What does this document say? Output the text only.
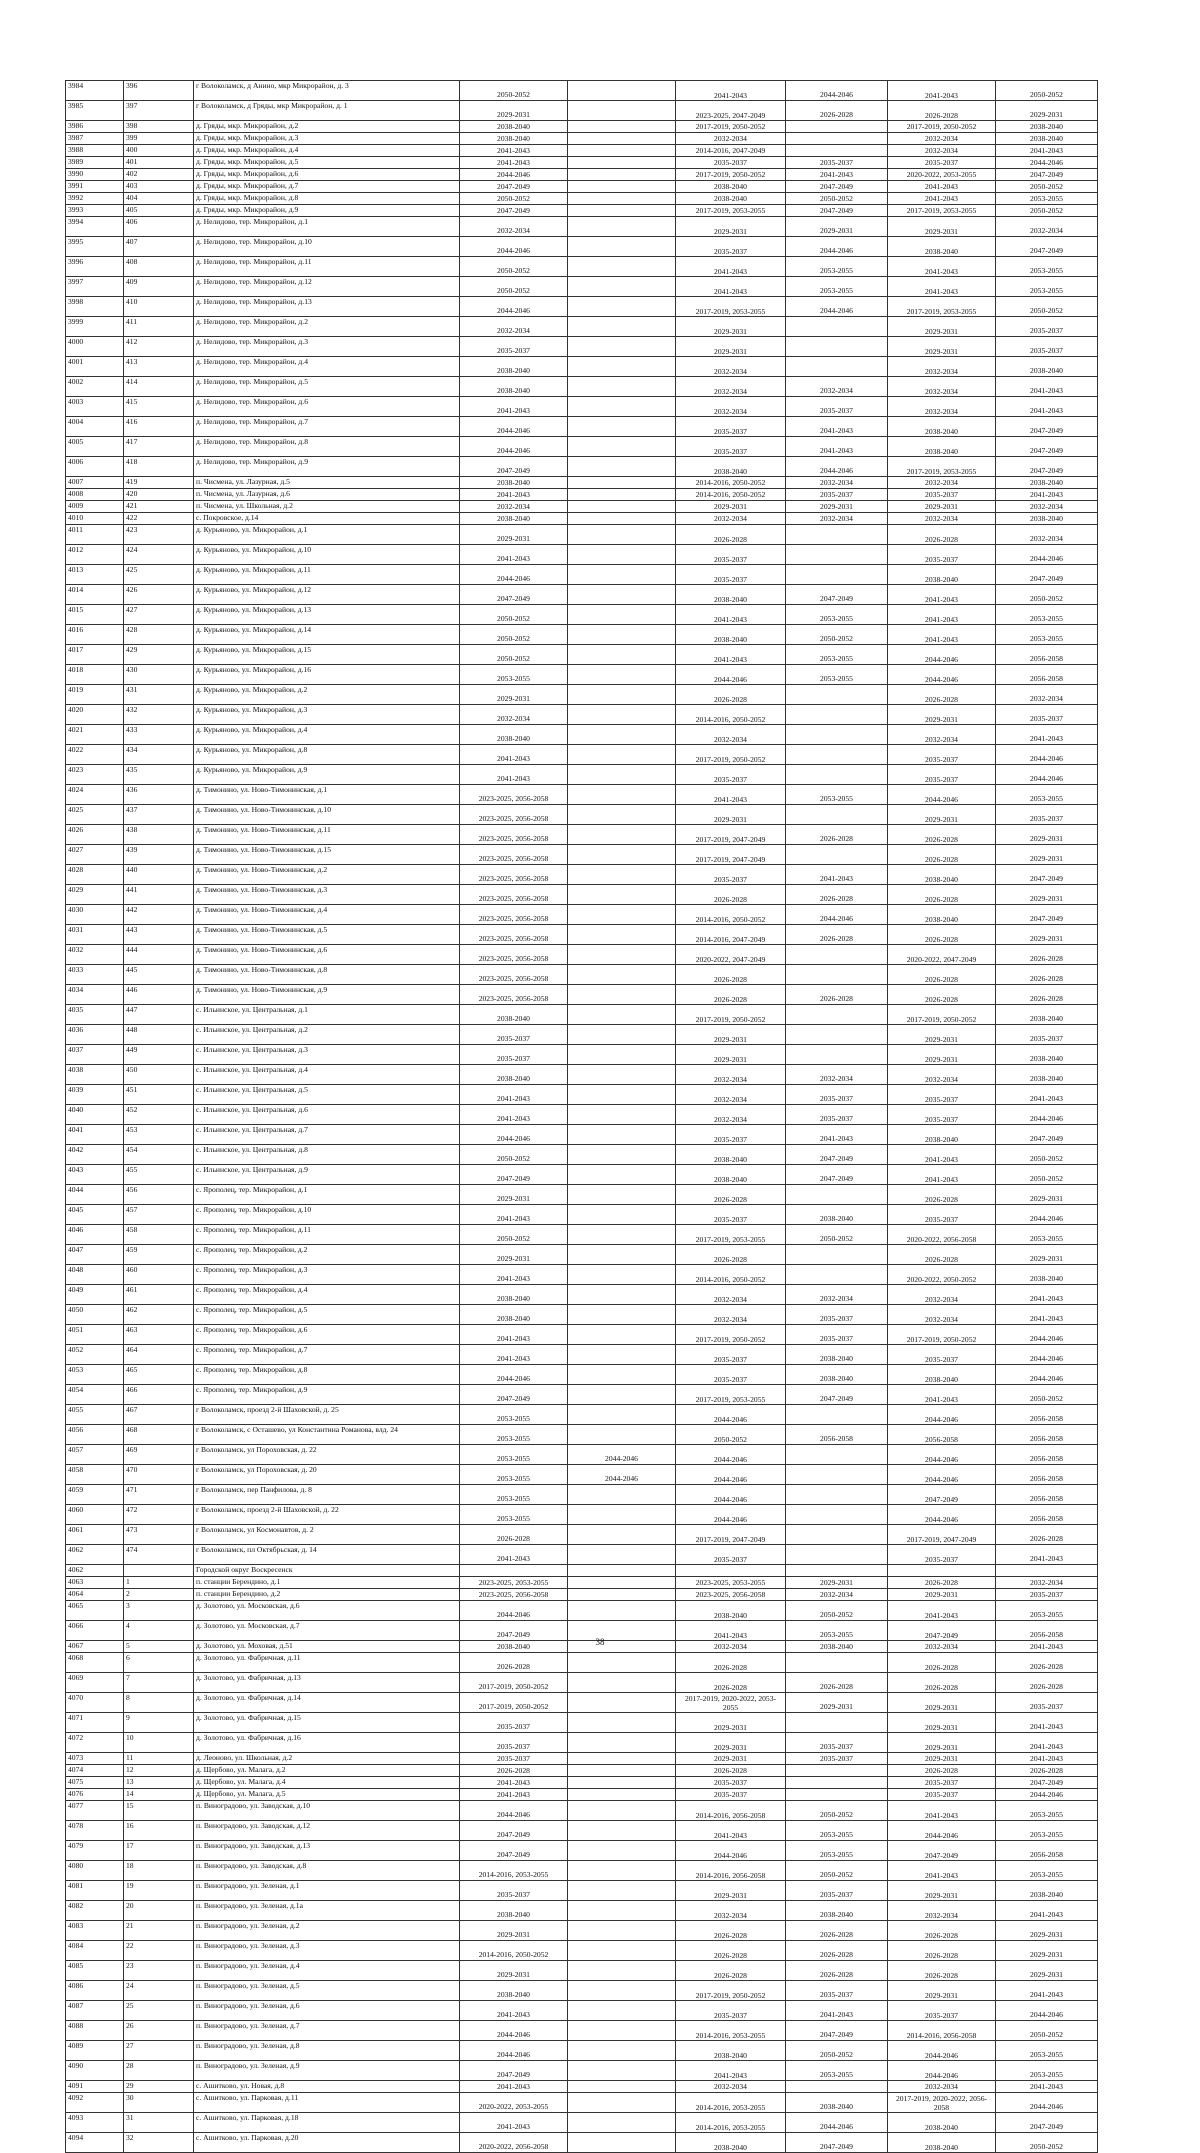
3984	396	г Волоколамск, д Анино, мкр Микрорайон, д. 3	2050-2052		2041-2043	2044-2046	2041-2043	2050-2052
3985	397	г Волоколамск, д Гряды, мкр Микрорайон, д. 1	2029-2031		2023-2025, 2047-2049	2026-2028	2026-2028	2029-2031
3986	398	д. Гряды, мкр. Микрорайон, д.2	2038-2040		2017-2019, 2050-2052		2017-2019, 2050-2052	2038-2040
3987	399	д. Гряды, мкр. Микрорайон, д.3	2038-2040		2032-2034		2032-2034	2038-2040
3988	400	д. Гряды, мкр. Микрорайон, д.4	2041-2043		2014-2016, 2047-2049		2032-2034	2041-2043
3989	401	д. Гряды, мкр. Микрорайон, д.5	2041-2043		2035-2037	2035-2037	2035-2037	2044-2046
3990	402	д. Гряды, мкр. Микрорайон, д.6	2044-2046		2017-2019, 2050-2052	2041-2043	2020-2022, 2053-2055	2047-2049
3991	403	д. Гряды, мкр. Микрорайон, д.7	2047-2049		2038-2040	2047-2049	2041-2043	2050-2052
3992	404	д. Гряды, мкр. Микрорайон, д.8	2050-2052		2038-2040	2050-2052	2041-2043	2053-2055
3993	405	д. Гряды, мкр. Микрорайон, д.9	2047-2049		2017-2019, 2053-2055	2047-2049	2017-2019, 2053-2055	2050-2052
3994	406	д. Нелидово, тер. Микрорайон, д.1	2032-2034		2029-2031	2029-2031	2029-2031	2032-2034
3995	407	д. Нелидово, тер. Микрорайон, д.10	2044-2046		2035-2037	2044-2046	2038-2040	2047-2049
3996	408	д. Нелидово, тер. Микрорайон, д.11	2050-2052		2041-2043	2053-2055	2041-2043	2053-2055
3997	409	д. Нелидово, тер. Микрорайон, д.12	2050-2052		2041-2043	2053-2055	2041-2043	2053-2055
3998	410	д. Нелидово, тер. Микрорайон, д.13	2044-2046		2017-2019, 2053-2055	2044-2046	2017-2019, 2053-2055	2050-2052
3999	411	д. Нелидово, тер. Микрорайон, д.2	2032-2034		2029-2031		2029-2031	2035-2037
4000	412	д. Нелидово, тер. Микрорайон, д.3	2035-2037		2029-2031		2029-2031	2035-2037
4001	413	д. Нелидово, тер. Микрорайон, д.4	2038-2040		2032-2034		2032-2034	2038-2040
4002	414	д. Нелидово, тер. Микрорайон, д.5	2038-2040		2032-2034	2032-2034	2032-2034	2041-2043
4003	415	д. Нелидово, тер. Микрорайон, д.6	2041-2043		2032-2034	2035-2037	2032-2034	2041-2043
4004	416	д. Нелидово, тер. Микрорайон, д.7	2044-2046		2035-2037	2041-2043	2038-2040	2047-2049
4005	417	д. Нелидово, тер. Микрорайон, д.8	2044-2046		2035-2037	2041-2043	2038-2040	2047-2049
4006	418	д. Нелидово, тер. Микрорайон, д.9	2047-2049		2038-2040	2044-2046	2017-2019, 2053-2055	2047-2049
4007	419	п. Чисмена, ул. Лазурная, д.5	2038-2040		2014-2016, 2050-2052	2032-2034	2032-2034	2038-2040
4008	420	п. Чисмена, ул. Лазурная, д.6	2041-2043		2014-2016, 2050-2052	2035-2037	2035-2037	2041-2043
4009	421	п. Чисмена, ул. Школьная, д.2	2032-2034		2029-2031	2029-2031	2029-2031	2032-2034
4010	422	с. Покровское, д.14	2038-2040		2032-2034	2032-2034	2032-2034	2038-2040
4011	423	д. Курьяново, ул. Микрорайон, д.1	2029-2031		2026-2028		2026-2028	2032-2034
4012	424	д. Курьяново, ул. Микрорайон, д.10	2041-2043		2035-2037		2035-2037	2044-2046
4013	425	д. Курьяново, ул. Микрорайон, д.11	2044-2046		2035-2037		2038-2040	2047-2049
4014	426	д. Курьяново, ул. Микрорайон, д.12	2047-2049		2038-2040	2047-2049	2041-2043	2050-2052
4015	427	д. Курьяново, ул. Микрорайон, д.13	2050-2052		2041-2043	2053-2055	2041-2043	2053-2055
4016	428	д. Курьяново, ул. Микрорайон, д.14	2050-2052		2038-2040	2050-2052	2041-2043	2053-2055
4017	429	д. Курьяново, ул. Микрорайон, д.15	2050-2052		2041-2043	2053-2055	2044-2046	2056-2058
4018	430	д. Курьяново, ул. Микрорайон, д.16	2053-2055		2044-2046	2053-2055	2044-2046	2056-2058
4019	431	д. Курьяново, ул. Микрорайон, д.2	2029-2031		2026-2028		2026-2028	2032-2034
4020	432	д. Курьяново, ул. Микрорайон, д.3	2032-2034		2014-2016, 2050-2052		2029-2031	2035-2037
4021	433	д. Курьяново, ул. Микрорайон, д.4	2038-2040		2032-2034		2032-2034	2041-2043
4022	434	д. Курьяново, ул. Микрорайон, д.8	2041-2043		2017-2019, 2050-2052		2035-2037	2044-2046
4023	435	д. Курьяново, ул. Микрорайон, д.9	2041-2043		2035-2037		2035-2037	2044-2046
4024	436	д. Тимонино, ул. Ново-Тимонинская, д.1	2023-2025, 2056-2058		2041-2043	2053-2055	2044-2046	2053-2055
4025	437	д. Тимонино, ул. Ново-Тимонинская, д.10	2023-2025, 2056-2058		2029-2031		2029-2031	2035-2037
4026	438	д. Тимонино, ул. Ново-Тимонинская, д.11	2023-2025, 2056-2058		2017-2019, 2047-2049	2026-2028	2026-2028	2029-2031
4027	439	д. Тимонино, ул. Ново-Тимонинская, д.15	2023-2025, 2056-2058		2017-2019, 2047-2049		2026-2028	2029-2031
4028	440	д. Тимонино, ул. Ново-Тимонинская, д.2	2023-2025, 2056-2058		2035-2037	2041-2043	2038-2040	2047-2049
4029	441	д. Тимонино, ул. Ново-Тимонинская, д.3	2023-2025, 2056-2058		2026-2028	2026-2028	2026-2028	2029-2031
4030	442	д. Тимонино, ул. Ново-Тимонинская, д.4	2023-2025, 2056-2058		2014-2016, 2050-2052	2044-2046	2038-2040	2047-2049
4031	443	д. Тимонино, ул. Ново-Тимонинская, д.5	2023-2025, 2056-2058		2014-2016, 2047-2049	2026-2028	2026-2028	2029-2031
4032	444	д. Тимонино, ул. Ново-Тимонинская, д.6	2023-2025, 2056-2058		2020-2022, 2047-2049		2020-2022, 2047-2049	2026-2028
4033	445	д. Тимонино, ул. Ново-Тимонинская, д.8	2023-2025, 2056-2058		2026-2028		2026-2028	2026-2028
4034	446	д. Тимонино, ул. Ново-Тимонинская, д.9	2023-2025, 2056-2058		2026-2028	2026-2028	2026-2028	2026-2028
4035	447	с. Ильинское, ул. Центральная, д.1	2038-2040		2017-2019, 2050-2052		2017-2019, 2050-2052	2038-2040
4036	448	с. Ильинское, ул. Центральная, д.2	2035-2037		2029-2031		2029-2031	2035-2037
4037	449	с. Ильинское, ул. Центральная, д.3	2035-2037		2029-2031		2029-2031	2038-2040
4038	450	с. Ильинское, ул. Центральная, д.4	2038-2040		2032-2034	2032-2034	2032-2034	2038-2040
4039	451	с. Ильинское, ул. Центральная, д.5	2041-2043		2032-2034	2035-2037	2035-2037	2041-2043
4040	452	с. Ильинское, ул. Центральная, д.6	2041-2043		2032-2034	2035-2037	2035-2037	2044-2046
4041	453	с. Ильинское, ул. Центральная, д.7	2044-2046		2035-2037	2041-2043	2038-2040	2047-2049
4042	454	с. Ильинское, ул. Центральная, д.8	2050-2052		2038-2040	2047-2049	2041-2043	2050-2052
4043	455	с. Ильинское, ул. Центральная, д.9	2047-2049		2038-2040	2047-2049	2041-2043	2050-2052
4044	456	с. Ярополец, тер. Микрорайон, д.1	2029-2031		2026-2028		2026-2028	2029-2031
4045	457	с. Ярополец, тер. Микрорайон, д.10	2041-2043		2035-2037	2038-2040	2035-2037	2044-2046
4046	458	с. Ярополец, тер. Микрорайон, д.11	2050-2052		2017-2019, 2053-2055	2050-2052	2020-2022, 2056-2058	2053-2055
4047	459	с. Ярополец, тер. Микрорайон, д.2	2029-2031		2026-2028		2026-2028	2029-2031
4048	460	с. Ярополец, тер. Микрорайон, д.3	2041-2043		2014-2016, 2050-2052		2020-2022, 2050-2052	2038-2040
4049	461	с. Ярополец, тер. Микрорайон, д.4	2038-2040		2032-2034	2032-2034	2032-2034	2041-2043
4050	462	с. Ярополец, тер. Микрорайон, д.5	2038-2040		2032-2034	2035-2037	2032-2034	2041-2043
4051	463	с. Ярополец, тер. Микрорайон, д.6	2041-2043		2017-2019, 2050-2052	2035-2037	2017-2019, 2050-2052	2044-2046
4052	464	с. Ярополец, тер. Микрорайон, д.7	2041-2043		2035-2037	2038-2040	2035-2037	2044-2046
4053	465	с. Ярополец, тер. Микрорайон, д.8	2044-2046		2035-2037	2038-2040	2038-2040	2044-2046
4054	466	с. Ярополец, тер. Микрорайон, д.9	2047-2049		2017-2019, 2053-2055	2047-2049	2041-2043	2050-2052
4055	467	г Волоколамск, проезд 2-й Шаховской, д. 25	2053-2055		2044-2046		2044-2046	2056-2058
4056	468	г Волоколамск, с Осташево, ул Константина Романова, влд. 24	2053-2055		2050-2052	2056-2058	2056-2058	2056-2058
4057	469	г Волоколамск, ул Пороховская, д. 22	2053-2055	2044-2046	2044-2046		2044-2046	2056-2058
4058	470	г Волоколамск, ул Пороховская, д. 20	2053-2055	2044-2046	2044-2046		2044-2046	2056-2058
4059	471	г Волоколамск, пер Панфилова, д. 8	2053-2055		2044-2046		2047-2049	2056-2058
4060	472	г Волоколамск, проезд 2-й Шаховской, д. 22	2053-2055		2044-2046		2044-2046	2056-2058
4061	473	г Волоколамск, ул Космонавтов, д. 2	2026-2028		2017-2019, 2047-2049		2017-2019, 2047-2049	2026-2028
4062	474	г Волоколамск, пл Октябрьская, д. 14	2041-2043		2035-2037		2035-2037	2041-2043
4062		Городской округ Воскресенск						
4063	1	п. станции Берендино, д.1	2023-2025, 2053-2055		2023-2025, 2053-2055	2029-2031	2026-2028	2032-2034
4064	2	п. станции Берендино, д.2	2023-2025, 2056-2058		2023-2025, 2056-2058	2032-2034	2029-2031	2035-2037
4065	3	д. Золотово, ул. Московская, д.6	2044-2046		2038-2040	2050-2052	2041-2043	2053-2055
4066	4	д. Золотово, ул. Московская, д.7	2047-2049		2041-2043	2053-2055	2047-2049	2056-2058
4067	5	д. Золотово, ул. Моховая, д.51	2038-2040		2032-2034	2038-2040	2032-2034	2041-2043
4068	6	д. Золотово, ул. Фабричная, д.11	2026-2028		2026-2028		2026-2028	2026-2028
4069	7	д. Золотово, ул. Фабричная, д.13	2017-2019, 2050-2052		2026-2028	2026-2028	2026-2028	2026-2028
4070	8	д. Золотово, ул. Фабричная, д.14	2017-2019, 2050-2052		2017-2019, 2020-2022, 2053-2055	2029-2031	2029-2031	2035-2037
4071	9	д. Золотово, ул. Фабричная, д.15	2035-2037		2029-2031		2029-2031	2041-2043
4072	10	д. Золотово, ул. Фабричная, д.16	2035-2037		2029-2031	2035-2037	2029-2031	2041-2043
4073	11	д. Леоново, ул. Школьная, д.2	2035-2037		2029-2031	2035-2037	2029-2031	2041-2043
4074	12	д. Щербово, ул. Малага, д.2	2026-2028		2026-2028		2026-2028	2026-2028
4075	13	д. Щербово, ул. Малага, д.4	2041-2043		2035-2037		2035-2037	2047-2049
4076	14	д. Щербово, ул. Малага, д.5	2041-2043		2035-2037		2035-2037	2044-2046
4077	15	п. Виноградово, ул. Заводская, д.10	2044-2046		2014-2016, 2056-2058	2050-2052	2041-2043	2053-2055
4078	16	п. Виноградово, ул. Заводская, д.12	2047-2049		2041-2043	2053-2055	2044-2046	2053-2055
4079	17	п. Виноградово, ул. Заводская, д.13	2047-2049		2044-2046	2053-2055	2047-2049	2056-2058
4080	18	п. Виноградово, ул. Заводская, д.8	2014-2016, 2053-2055		2014-2016, 2056-2058	2050-2052	2041-2043	2053-2055
4081	19	п. Виноградово, ул. Зеленая, д.1	2035-2037		2029-2031	2035-2037	2029-2031	2038-2040
4082	20	п. Виноградово, ул. Зеленая, д.1а	2038-2040		2032-2034	2038-2040	2032-2034	2041-2043
4083	21	п. Виноградово, ул. Зеленая, д.2	2029-2031		2026-2028	2026-2028	2026-2028	2029-2031
4084	22	п. Виноградово, ул. Зеленая, д.3	2014-2016, 2050-2052		2026-2028	2026-2028	2026-2028	2029-2031
4085	23	п. Виноградово, ул. Зеленая, д.4	2029-2031		2026-2028	2026-2028	2026-2028	2029-2031
4086	24	п. Виноградово, ул. Зеленая, д.5	2038-2040		2017-2019, 2050-2052	2035-2037	2029-2031	2041-2043
4087	25	п. Виноградово, ул. Зеленая, д.6	2041-2043		2035-2037	2041-2043	2035-2037	2044-2046
4088	26	п. Виноградово, ул. Зеленая, д.7	2044-2046		2014-2016, 2053-2055	2047-2049	2014-2016, 2056-2058	2050-2052
4089	27	п. Виноградово, ул. Зеленая, д.8	2044-2046		2038-2040	2050-2052	2044-2046	2053-2055
4090	28	п. Виноградово, ул. Зеленая, д.9	2047-2049		2041-2043	2053-2055	2044-2046	2053-2055
4091	29	с. Ашитково, ул. Новая, д.8	2041-2043		2032-2034		2032-2034	2041-2043
4092	30	с. Ашитково, ул. Парковая, д.11	2020-2022, 2053-2055		2014-2016, 2053-2055	2038-2040	2017-2019, 2020-2022, 2056-2058	2044-2046
4093	31	с. Ашитково, ул. Парковая, д.18	2041-2043		2014-2016, 2053-2055	2044-2046	2038-2040	2047-2049
4094	32	с. Ашитково, ул. Парковая, д.20	2020-2022, 2056-2058		2038-2040	2047-2049	2038-2040	2050-2052
38
